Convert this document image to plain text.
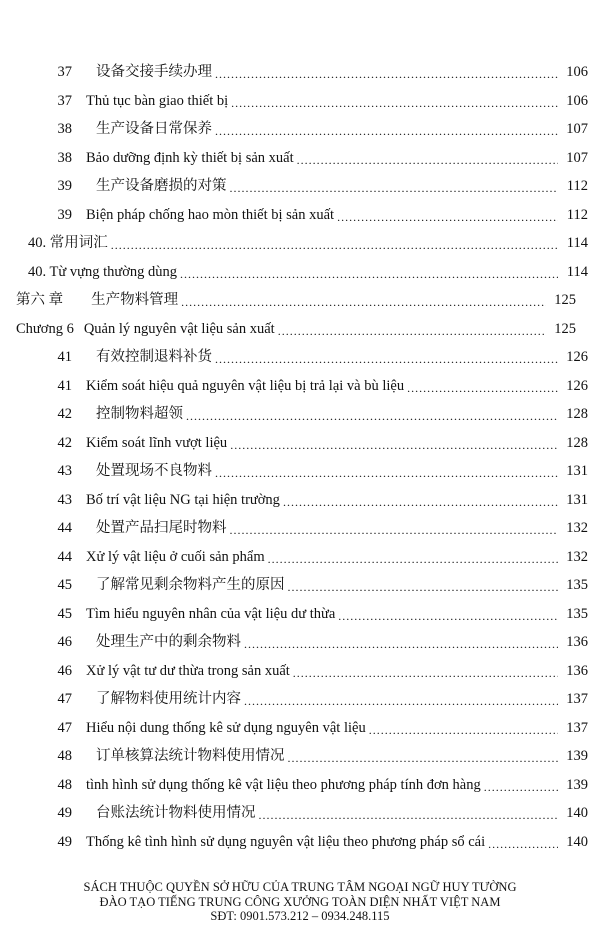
37 设备交接手续办理 .....	106
37 Thủ tục bàn giao thiết bị .....	106
38 生产设备日常保养 .....	107
38 Bảo dưỡng định kỳ thiết bị sản xuất .....	107
39 生产设备磨损的对策 .....	112
39 Biện pháp chống hao mòn thiết bị sản xuất .....	112
40. 常用词汇 .....	114
40. Từ vựng thường dùng .....	114
第六 章 生产物料管理 .....	125
Chương 6 Quản lý nguyên vật liệu sản xuất .....	125
41 有效控制退料补货 .....	126
41 Kiểm soát hiệu quả nguyên vật liệu bị trả lại và bù liệu .....	126
42 控制物料超领 .....	128
42 Kiểm soát lĩnh vượt liệu .....	128
43 处置现场不良物料 .....	131
43 Bố trí vật liệu NG tại hiện trường .....	131
44 处置产品扫尾时物料 .....	132
44 Xử lý vật liệu ở cuối sản phẩm .....	132
45 了解常见剩余物料产生的原因 .....	135
45 Tìm hiểu nguyên nhân của vật liệu dư thừa .....	135
46 处理生产中的剩余物料 .....	136
46 Xử lý vật tư dư thừa trong sản xuất .....	136
47 了解物料使用统计内容 .....	137
47 Hiểu nội dung thống kê sử dụng nguyên vật liệu .....	137
48 订单核算法统计物料使用情况 .....	139
48 tình hình sử dụng thống kê vật liệu theo phương pháp tính đơn hàng .....	139
49 台账法统计物料使用情况 .....	140
49 Thống kê tình hình sử dụng nguyên vật liệu theo phương pháp sổ cái .....	140
SÁCH THUỘC QUYỀN SỞ HỮU CỦA TRUNG TÂM NGOẠI NGỮ HUY TƯỜNG
ĐÀO TẠO TIẾNG TRUNG CÔNG XƯỞNG TOÀN DIỆN NHẤT VIỆT NAM
SĐT: 0901.573.212 – 0934.248.115
